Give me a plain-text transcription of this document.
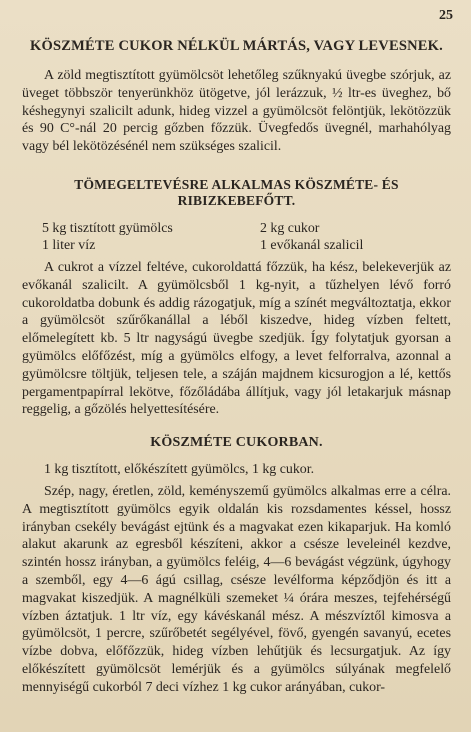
25
KÖSZMÉTE CUKOR NÉLKÜL MÁRTÁS, VAGY LEVESNEK.

A zöld megtisztított gyümölcsöt lehetőleg szűknyakú üvegbe szórjuk, az üveget többször tenyerünkhöz ütögetve, jól lerázzuk, ½ ltr-es üveghez, bő késhegynyi szalicilt adunk, hideg vizzel a gyümölcsöt felöntjük, lekötözzük és 90 C°-nál 20 percig gőzben főzzük. Üvegfedős üvegnél, marhahólyag vagy bél lekötözésénél nem szükséges szalicil.

TÖMEGELTEVÉSRE ALKALMAS KÖSZMÉTE- ÉS RIBIZKEBEFŐTT.
5 kg tisztított gyümölcs	2 kg cukor
1 liter víz	1 evőkanál szalicil

A cukrot a vízzel feltéve, cukoroldattá főzzük, ha kész, belekeverjük az evőkanál szalicilt. A gyümölcsből 1 kg-nyit, a tűzhelyen lévő forró cukoroldatba dobunk és addig rázogatjuk, míg a színét megváltoztatja, ekkor a gyümölcsöt szűrőkanállal a léből kiszedve, hideg vízben feltett, előmelegített kb. 5 ltr nagyságú üvegbe szedjük. Így folytatjuk gyorsan a gyümölcs előfőzést, míg a gyümölcs elfogy, a levet felforralva, azonnal a gyümölcsre töltjük, teljesen tele, a száján majdnem kicsurogjon a lé, kettős pergamentpapírral lekötve, főzőládába állítjuk, vagy jól letakarjuk másnap reggelig, a gőzölés helyettesítésére.

KÖSZMÉTE CUKORBAN.

1 kg tisztított, előkészített gyümölcs, 1 kg cukor.

Szép, nagy, éretlen, zöld, keményszemű gyümölcs alkalmas erre a célra. A megtisztított gyümölcs egyik oldalán kis rozsdamentes késsel, hossz irányban csekély bevágást ejtünk és a magvakat ezen kikaparjuk. Ha komló alakut akarunk az egresből készíteni, akkor a csésze leveleinél kezdve, szintén hossz irányban, a gyümölcs feléig, 4—6 bevágást végzünk, úgyhogy a szemből, egy 4—6 ágú csillag, csésze levélforma képződjön és itt a magvakat kiszedjük. A magnélküli szemeket ¼ órára meszes, tejfehérségű vízben áztatjuk. 1 ltr víz, egy kávéskanál mész. A mészvíztől kimosva a gyümölcsöt, 1 percre, szűrőbetét segélyével, fövő, gyengén savanyú, ecetes vízbe dobva, előfőzzük, hideg vízben lehűtjük és lecsurgatjuk. Az így előkészített gyümölcsöt lemérjük és a gyümölcs súlyának megfelelő mennyiségű cukorból 7 deci vízhez 1 kg cukor arányában, cukor-
